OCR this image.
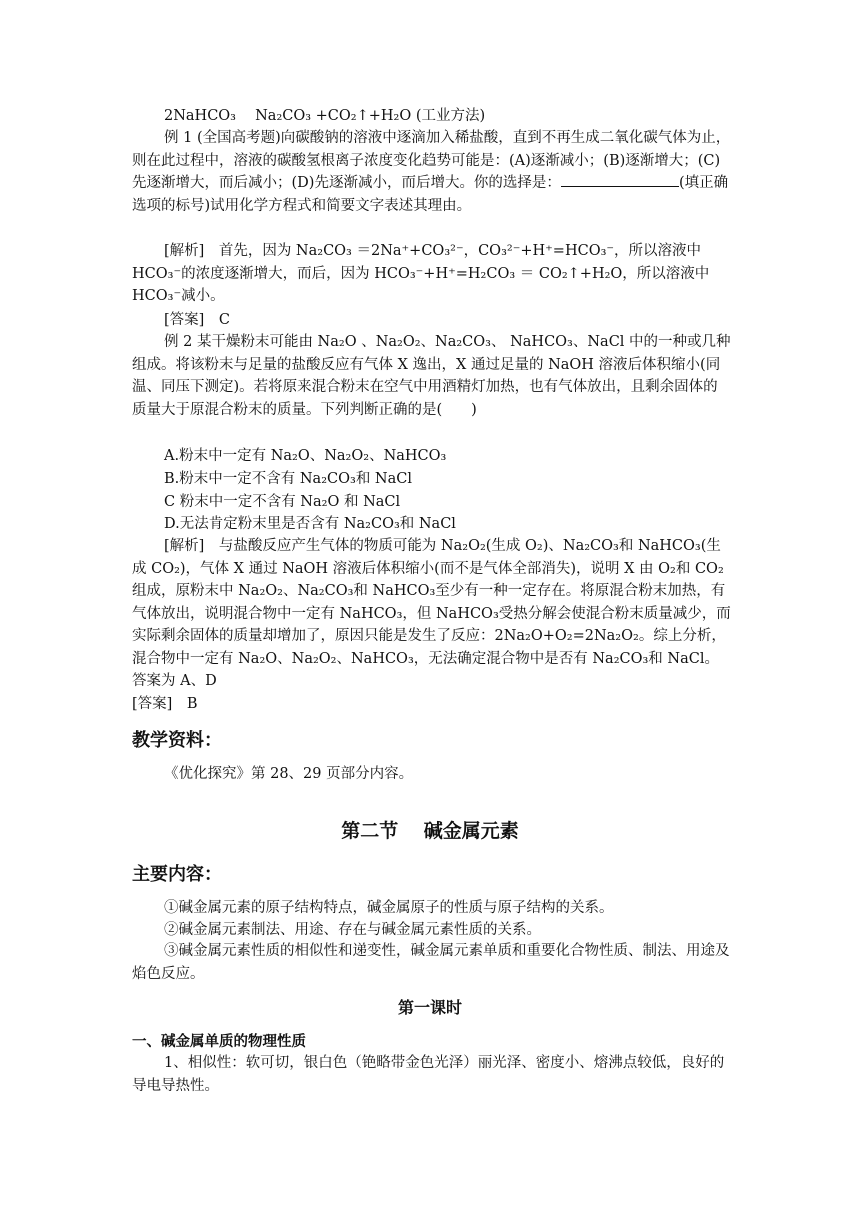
2NaHCO₃ 　Na₂CO₃ +CO₂↑+H₂O (工业方法)
例 1 (全国高考题)向碳酸钠的溶液中逐滴加入稀盐酸，直到不再生成二氧化碳气体为止，则在此过程中，溶液的碳酸氢根离子浓度变化趋势可能是：(A)逐渐减小；(B)逐渐增大；(C)先逐渐增大，而后减小；(D)先逐渐减小，而后增大。你的选择是：	(填正确选项的标号)试用化学方程式和简要文字表述其理由。
[解析]　首先，因为 Na₂CO₃ ＝2Na⁺+CO₃²⁻，CO₃²⁻+H⁺=HCO₃⁻，所以溶液中 HCO₃⁻的浓度逐渐增大，而后，因为 HCO₃⁻+H⁺=H₂CO₃ ＝ CO₂↑+H₂O，所以溶液中 HCO₃⁻减小。
[答案]　C
例 2 某干燥粉末可能由 Na₂O 、Na₂O₂、Na₂CO₃、 NaHCO₃、NaCl 中的一种或几种组成。将该粉末与足量的盐酸反应有气体 X 逸出，X 通过足量的 NaOH 溶液后体积缩小(同温、同压下测定)。若将原来混合粉末在空气中用酒精灯加热，也有气体放出，且剩余固体的质量大于原混合粉末的质量。下列判断正确的是(　　)
A.粉末中一定有 Na₂O、Na₂O₂、NaHCO₃
B.粉末中一定不含有 Na₂CO₃和 NaCl
C 粉末中一定不含有 Na₂O 和 NaCl
D.无法肯定粉末里是否含有 Na₂CO₃和 NaCl
[解析]　与盐酸反应产生气体的物质可能为 Na₂O₂(生成 O₂)、Na₂CO₃和 NaHCO₃(生成 CO₂)，气体 X 通过 NaOH 溶液后体积缩小(而不是气体全部消失)，说明 X 由 O₂和 CO₂组成，原粉末中 Na₂O₂、Na₂CO₃和 NaHCO₃至少有一种一定存在。将原混合粉末加热，有气体放出，说明混合物中一定有 NaHCO₃，但 NaHCO₃受热分解会使混合粉末质量减少，而实际剩余固体的质量却增加了，原因只能是发生了反应：2Na₂O+O₂=2Na₂O₂。综上分析，混合物中一定有 Na₂O、Na₂O₂、NaHCO₃，无法确定混合物中是否有 Na₂CO₃和 NaCl。答案为 A、D
[答案]　B
教学资料：
《优化探究》第 28、29 页部分内容。
第二节　 碱金属元素
主要内容：
①碱金属元素的原子结构特点，碱金属原子的性质与原子结构的关系。
②碱金属元素制法、用途、存在与碱金属元素性质的关系。
③碱金属元素性质的相似性和递变性，碱金属元素单质和重要化合物性质、制法、用途及焰色反应。
第一课时
一、碱金属单质的物理性质
1、相似性：软可切，银白色（铯略带金色光泽）丽光泽、密度小、熔沸点较低，良好的导电导热性。
